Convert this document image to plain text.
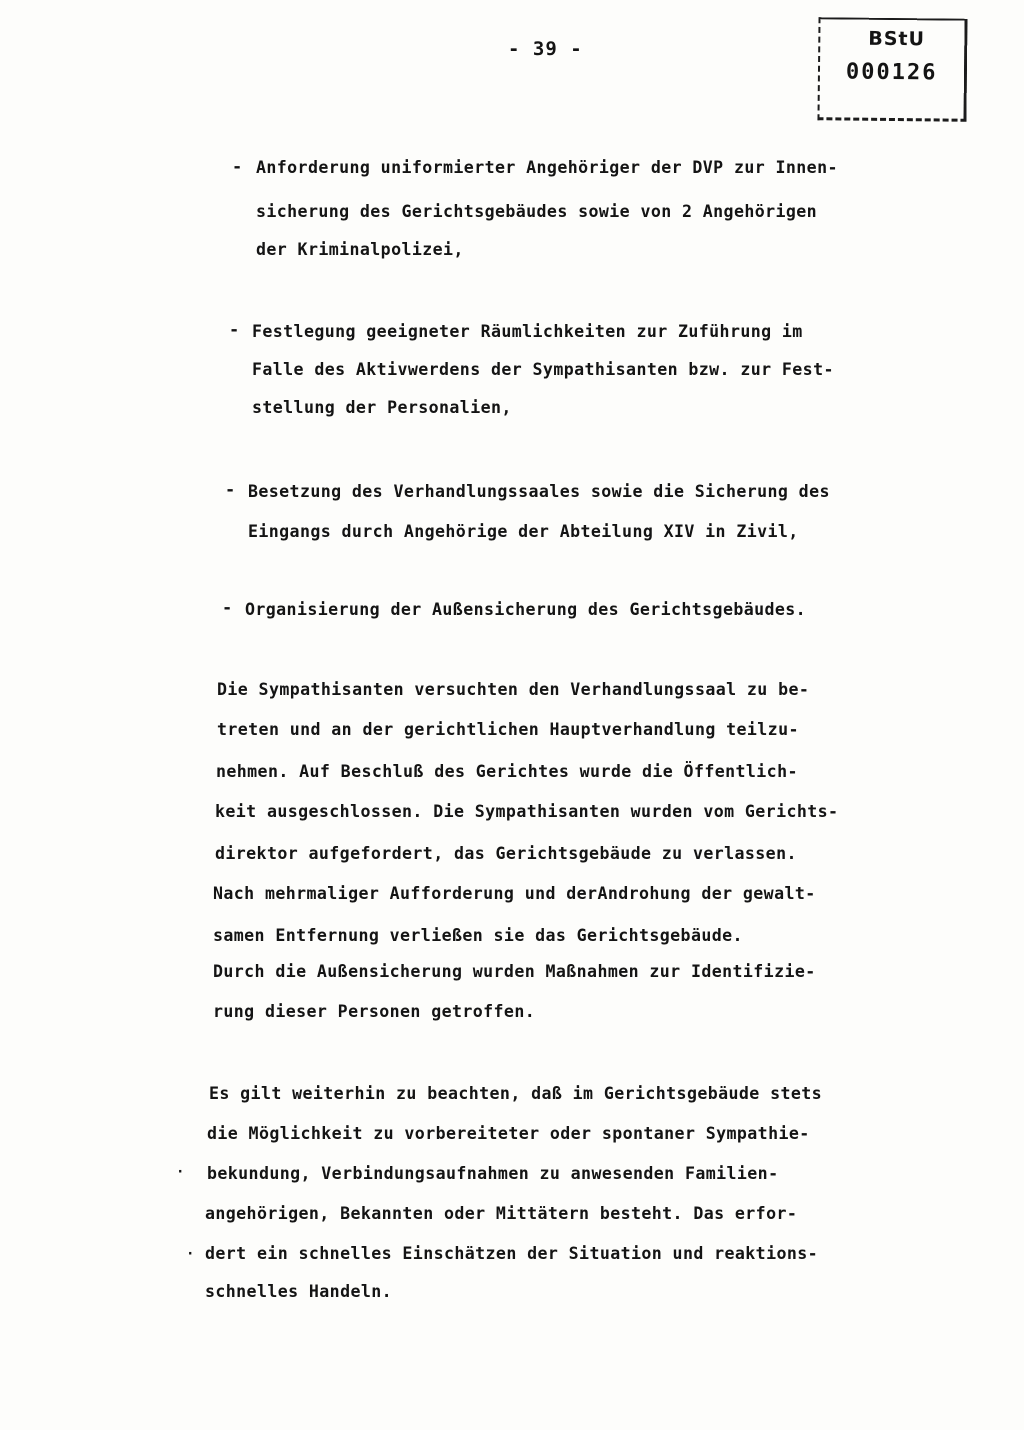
- 39 -	BStU
000126
- Anforderung uniformierter Angehöriger der DVP zur Innen-
sicherung des Gerichtsgebäudes sowie von 2 Angehörigen
der Kriminalpolizei,
- Festlegung geeigneter Räumlichkeiten zur Zuführung im
Falle des Aktivwerdens der Sympathisanten bzw. zur Fest-
stellung der Personalien,
- Besetzung des Verhandlungssaales sowie die Sicherung des
Eingangs durch Angehörige der Abteilung XIV in Zivil,
- Organisierung der Außensicherung des Gerichtsgebäudes.
Die Sympathisanten versuchten den Verhandlungssaal zu be-
treten und an der gerichtlichen Hauptverhandlung teilzu-
nehmen. Auf Beschluß des Gerichtes wurde die Öffentlich-
keit ausgeschlossen. Die Sympathisanten wurden vom Gerichts-
direktor aufgefordert, das Gerichtsgebäude zu verlassen.
Nach mehrmaliger Aufforderung und derAndrohung der gewalt-
samen Entfernung verließen sie das Gerichtsgebäude.
Durch die Außensicherung wurden Maßnahmen zur Identifizie-
rung dieser Personen getroffen.
Es gilt weiterhin zu beachten, daß im Gerichtsgebäude stets
die Möglichkeit zu vorbereiteter oder spontaner Sympathie-
bekundung, Verbindungsaufnahmen zu anwesenden Familien-
angehörigen, Bekannten oder Mittätern besteht. Das erfor-
dert ein schnelles Einschätzen der Situation und reaktions-
schnelles Handeln.
·
·
